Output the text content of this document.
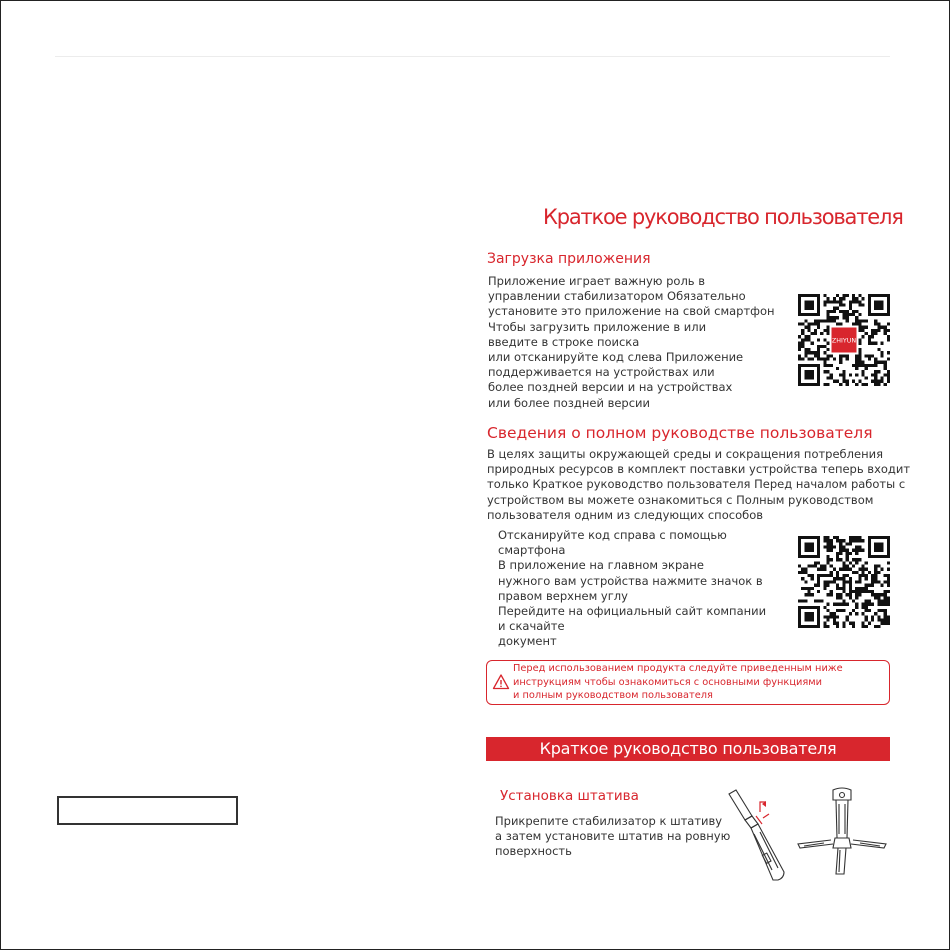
Краткое руководство пользователя
Загрузка приложения
Приложение играет важную роль в
управлении стабилизатором Обязательно
установите это приложение на свой смартфон
Чтобы загрузить приложение в или
введите в строке поиска
или отсканируйте код слева Приложение
поддерживается на устройствах или
более поздней версии и на устройствах
или более поздней версии
ZHIYUN
Сведения о полном руководстве пользователя
В целях защиты окружающей среды и сокращения потребления
природных ресурсов в комплект поставки устройства теперь входит
только Краткое руководство пользователя Перед началом работы с
устройством вы можете ознакомиться с Полным руководством
пользователя одним из следующих способов
Отсканируйте код справа с помощью
смартфона
В приложение на главном экране
нужного вам устройства нажмите значок в
правом верхнем углу
Перейдите на официальный сайт компании
и скачайте
документ
Перед использованием продукта следуйте приведенным ниже
инструкциям чтобы ознакомиться с основными функциями
и полным руководством пользователя
Краткое руководство пользователя
Установка штатива
Прикрепите стабилизатор к штативу
а затем установите штатив на ровную
поверхность
